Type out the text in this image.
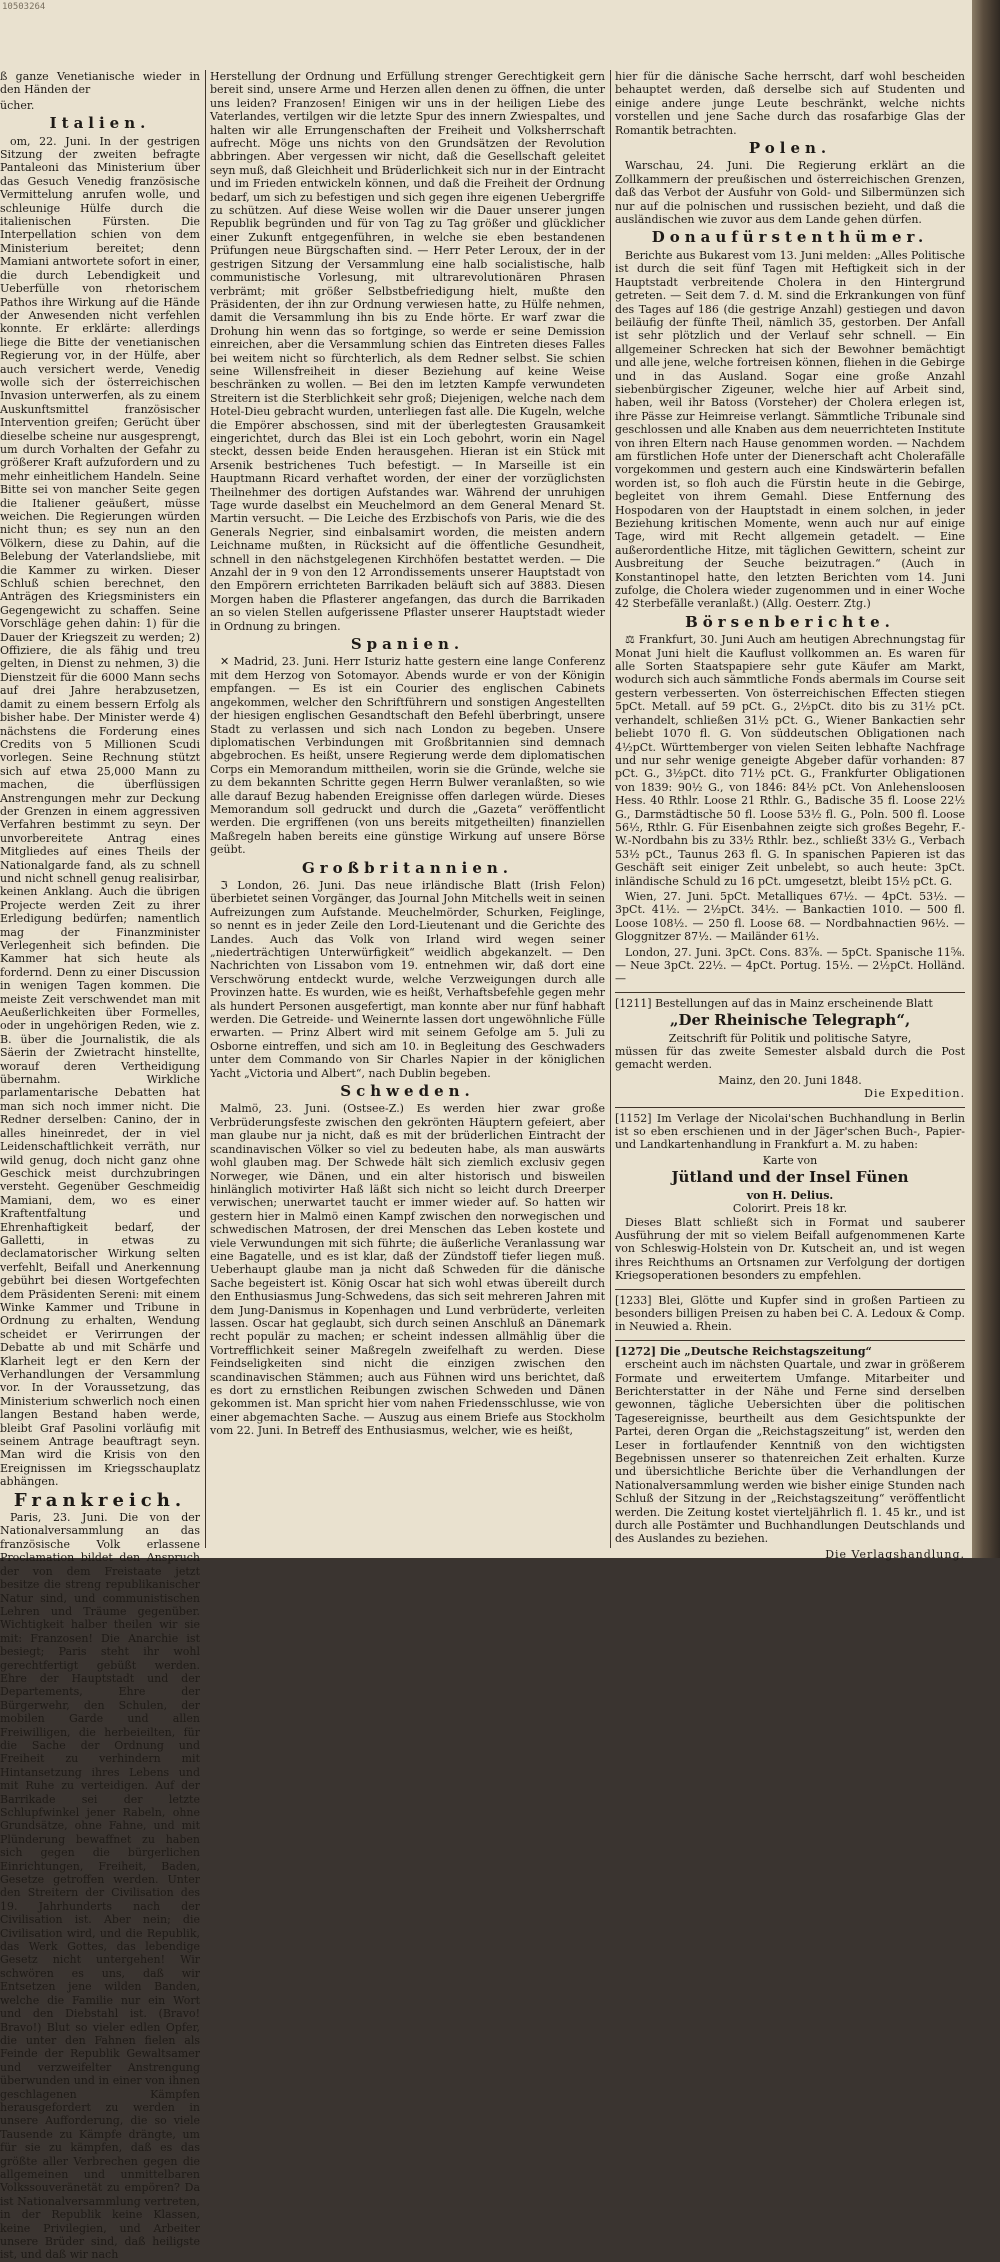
10503264

ß ganze Venetianische wieder in den Händen der

ücher.

Italien.

om, 22. Juni. In der gestrigen Sitzung der zweiten befragte Pantaleoni das Ministerium über das Gesuch Venedig französische Vermittelung anrufen wolle, und schleunige Hülfe durch die italienischen Fürsten. Die Interpellation schien von dem Ministerium bereitet; denn Mamiani antwortete sofort in einer, die durch Lebendigkeit und Ueberfülle von rhetorischem Pathos ihre Wirkung auf die Hände der Anwesenden nicht verfehlen konnte. Er erklärte: allerdings liege die Bitte der venetianischen Regierung vor, in der Hülfe, aber auch versichert werde, Venedig wolle sich der österreichischen Invasion unterwerfen, als zu einem Auskunftsmittel französischer Intervention greifen; Gerücht über dieselbe scheine nur ausgesprengt, um durch Vorhalten der Gefahr zu größerer Kraft aufzufordern und zu mehr einheitlichem Handeln. Seine Bitte sei von mancher Seite gegen die Italiener geäußert, müsse weichen. Die Regierungen würden nicht thun; es sey nun an den Völkern, diese zu Dahin, auf die Belebung der Vaterlandsliebe, mit die Kammer zu wirken. Dieser Schluß schien berechnet, den Anträgen des Kriegsministers ein Gegengewicht zu schaffen. Seine Vorschläge gehen dahin: 1) für die Dauer der Kriegszeit zu werden; 2) Offiziere, die als fähig und treu gelten, in Dienst zu nehmen, 3) die Dienstzeit für die 6000 Mann sechs auf drei Jahre herabzusetzen, damit zu einem bessern Erfolg als bisher habe. Der Minister werde 4) nächstens die Forderung eines Credits von 5 Millionen Scudi vorlegen. Seine Rechnung stützt sich auf etwa 25,000 Mann zu machen, die überflüssigen Anstrengungen mehr zur Deckung der Grenzen in einem aggressiven Verfahren bestimmt zu seyn. Der unvorbereitete Antrag eines Mitgliedes auf eines Theils der Nationalgarde fand, als zu schnell und nicht schnell genug realisirbar, keinen Anklang. Auch die übrigen Projecte werden Zeit zu ihrer Erledigung bedürfen; namentlich mag der Finanzminister Verlegenheit sich befinden. Die Kammer hat sich heute als fordernd. Denn zu einer Discussion in wenigen Tagen kommen. Die meiste Zeit verschwendet man mit Aeußerlichkeiten über Formelles, oder in ungehörigen Reden, wie z. B. über die Journalistik, die als Säerin der Zwietracht hinstellte, worauf deren Vertheidigung übernahm. Wirkliche parlamentarische Debatten hat man sich noch immer nicht. Die Redner derselben: Canino, der in alles hineinredet, der in viel Leidenschaftlichkeit verräth, nur wild genug, doch nicht ganz ohne Geschick meist durchzubringen versteht. Gegenüber Geschmeidig Mamiani, dem, wo es einer Kraftentfaltung und Ehrenhaftigkeit bedarf, der Galletti, in etwas zu declamatorischer Wirkung selten verfehlt, Beifall und Anerkennung gebührt bei diesen Wortgefechten dem Präsidenten Sereni: mit einem Winke Kammer und Tribune in Ordnung zu erhalten, Wendung scheidet er Verirrungen der Debatte ab und mit Schärfe und Klarheit legt er den Kern der Verhandlungen der Versammlung vor. In der Voraussetzung, das Ministerium schwerlich noch einen langen Bestand haben werde, bleibt Graf Pasolini vorläufig mit seinem Antrage beauftragt seyn. Man wird die Krisis von den Ereignissen im Kriegsschauplatz abhängen.

Frankreich.

Paris, 23. Juni. Die von der Nationalversammlung an das französische Volk erlassene Proclamation bildet den Anspruch der von dem Freistaate jetzt besitze die streng republikanischer Natur sind, und communistischen Lehren und Träume gegenüber. Wichtigkeit halber theilen wir sie mit: Franzosen! Die Anarchie ist besiegt; Paris steht ihr wohl gerechtfertigt gebüßt werden. Ehre der Hauptstadt und der Departements, Ehre der Bürgerwehr, den Schulen, der mobilen Garde und allen Freiwilligen, die herbeieilten, für die Sache der Ordnung und Freiheit zu verhindern mit Hintansetzung ihres Lebens und mit Ruhe zu verteidigen. Auf der Barrikade sei der letzte Schlupfwinkel jener Rabeln, ohne Grundsätze, ohne Fahne, und mit Plünderung bewaffnet zu haben sich gegen die bürgerlichen Einrichtungen, Freiheit, Baden, Gesetze getroffen werden. Unter den Streitern der Civilisation des 19. Jahrhunderts nach der Civilisation ist. Aber nein; die Civilisation wird, und die Republik, das Werk Gottes, das lebendige Gesetz nicht untergehen! Wir schwören es uns, daß wir Entsetzen jene wilden Banden, welche die Familie nur ein Wort und den Diebstahl ist. (Bravo! Bravo!) Blut so vieler edlen Opfer, die unter den Fahnen fielen als Feinde der Republik Gewaltsamer und verzweifelter Anstrengung überwunden und in einer von ihnen geschlagenen Kämpfen herausgefordert zu werden in unsere Aufforderung, die so viele Tausende zu Kämpfe drängte, um für sie zu kämpfen, daß es das größte aller Verbrechen gegen die allgemeinen und unmittelbaren Volkssouveränetät zu empören? Da ist Nationalversammlung vertreten, in der Republik keine Klassen, keine Privilegien, und Arbeiter unsere Brüder sind, daß heiligste ist, und daß wir nach

Herstellung der Ordnung und Erfüllung strenger Gerechtigkeit gern bereit sind, unsere Arme und Herzen allen denen zu öffnen, die unter uns leiden? Franzosen! Einigen wir uns in der heiligen Liebe des Vaterlandes, vertilgen wir die letzte Spur des innern Zwiespaltes, und halten wir alle Errungenschaften der Freiheit und Volksherrschaft aufrecht. Möge uns nichts von den Grundsätzen der Revolution abbringen. Aber vergessen wir nicht, daß die Gesellschaft geleitet seyn muß, daß Gleichheit und Brüderlichkeit sich nur in der Eintracht und im Frieden entwickeln können, und daß die Freiheit der Ordnung bedarf, um sich zu befestigen und sich gegen ihre eigenen Uebergriffe zu schützen. Auf diese Weise wollen wir die Dauer unserer jungen Republik begründen und für von Tag zu Tag größer und glücklicher einer Zukunft entgegenführen, in welche sie eben bestandenen Prüfungen neue Bürgschaften sind. — Herr Peter Leroux, der in der gestrigen Sitzung der Versammlung eine halb socialistische, halb communistische Vorlesung, mit ultrarevolutionären Phrasen verbrämt; mit größer Selbstbefriedigung hielt, mußte den Präsidenten, der ihn zur Ordnung verwiesen hatte, zu Hülfe nehmen, damit die Versammlung ihn bis zu Ende hörte. Er warf zwar die Drohung hin wenn das so fortginge, so werde er seine Demission einreichen, aber die Versammlung schien das Eintreten dieses Falles bei weitem nicht so fürchterlich, als dem Redner selbst. Sie schien seine Willensfreiheit in dieser Beziehung auf keine Weise beschränken zu wollen. — Bei den im letzten Kampfe verwundeten Streitern ist die Sterblichkeit sehr groß; Diejenigen, welche nach dem Hotel-Dieu gebracht wurden, unterliegen fast alle. Die Kugeln, welche die Empörer abschossen, sind mit der überlegtesten Grausamkeit eingerichtet, durch das Blei ist ein Loch gebohrt, worin ein Nagel steckt, dessen beide Enden herausgehen. Hieran ist ein Stück mit Arsenik bestrichenes Tuch befestigt. — In Marseille ist ein Hauptmann Ricard verhaftet worden, der einer der vorzüglichsten Theilnehmer des dortigen Aufstandes war. Während der unruhigen Tage wurde daselbst ein Meuchelmord an dem General Menard St. Martin versucht. — Die Leiche des Erzbischofs von Paris, wie die des Generals Negrier, sind einbalsamirt worden, die meisten andern Leichname mußten, in Rücksicht auf die öffentliche Gesundheit, schnell in den nächstgelegenen Kirchhöfen bestattet werden. — Die Anzahl der in 9 von den 12 Arrondissements unserer Hauptstadt von den Empörern errichteten Barrikaden beläuft sich auf 3883. Diesen Morgen haben die Pflasterer angefangen, das durch die Barrikaden an so vielen Stellen aufgerissene Pflaster unserer Hauptstadt wieder in Ordnung zu bringen.

Spanien.

✕ Madrid, 23. Juni. Herr Isturiz hatte gestern eine lange Conferenz mit dem Herzog von Sotomayor. Abends wurde er von der Königin empfangen. — Es ist ein Courier des englischen Cabinets angekommen, welcher den Schriftführern und sonstigen Angestellten der hiesigen englischen Gesandtschaft den Befehl überbringt, unsere Stadt zu verlassen und sich nach London zu begeben. Unsere diplomatischen Verbindungen mit Großbritannien sind demnach abgebrochen. Es heißt, unsere Regierung werde dem diplomatischen Corps ein Memorandum mittheilen, worin sie die Gründe, welche sie zu dem bekannten Schritte gegen Herrn Bulwer veranlaßten, so wie alle darauf Bezug habenden Ereignisse offen darlegen würde. Dieses Memorandum soll gedruckt und durch die „Gazeta“ veröffentlicht werden. Die ergriffenen (von uns bereits mitgetheilten) finanziellen Maßregeln haben bereits eine günstige Wirkung auf unsere Börse geübt.

Großbritannien.

ℑ London, 26. Juni. Das neue irländische Blatt (Irish Felon) überbietet seinen Vorgänger, das Journal John Mitchells weit in seinen Aufreizungen zum Aufstande. Meuchelmörder, Schurken, Feiglinge, so nennt es in jeder Zeile den Lord-Lieutenant und die Gerichte des Landes. Auch das Volk von Irland wird wegen seiner „niederträchtigen Unterwürfigkeit“ weidlich abgekanzelt. — Den Nachrichten von Lissabon vom 19. entnehmen wir, daß dort eine Verschwörung entdeckt wurde, welche Verzweigungen durch alle Provinzen hatte. Es wurden, wie es heißt, Verhaftsbefehle gegen mehr als hundert Personen ausgefertigt, man konnte aber nur fünf habhaft werden. Die Getreide- und Weinernte lassen dort ungewöhnliche Fülle erwarten. — Prinz Albert wird mit seinem Gefolge am 5. Juli zu Osborne eintreffen, und sich am 10. in Begleitung des Geschwaders unter dem Commando von Sir Charles Napier in der königlichen Yacht „Victoria und Albert“, nach Dublin begeben.

Schweden.

Malmö, 23. Juni. (Ostsee-Z.) Es werden hier zwar große Verbrüderungsfeste zwischen den gekrönten Häuptern gefeiert, aber man glaube nur ja nicht, daß es mit der brüderlichen Eintracht der scandinavischen Völker so viel zu bedeuten habe, als man auswärts wohl glauben mag. Der Schwede hält sich ziemlich exclusiv gegen Norweger, wie Dänen, und ein alter historisch und bisweilen hinlänglich motivirter Haß läßt sich nicht so leicht durch Dreerper verwischen; unerwartet taucht er immer wieder auf. So hatten wir gestern hier in Malmö einen Kampf zwischen den norwegischen und schwedischen Matrosen, der drei Menschen das Leben kostete und viele Verwundungen mit sich führte; die äußerliche Veranlassung war eine Bagatelle, und es ist klar, daß der Zündstoff tiefer liegen muß. Ueberhaupt glaube man ja nicht daß Schweden für die dänische Sache begeistert ist. König Oscar hat sich wohl etwas übereilt durch den Enthusiasmus Jung-Schwedens, das sich seit mehreren Jahren mit dem Jung-Danismus in Kopenhagen und Lund verbrüderte, verleiten lassen. Oscar hat geglaubt, sich durch seinen Anschluß an Dänemark recht populär zu machen; er scheint indessen allmählig über die Vortrefflichkeit seiner Maßregeln zweifelhaft zu werden. Diese Feindseligkeiten sind nicht die einzigen zwischen den scandinavischen Stämmen; auch aus Fühnen wird uns berichtet, daß es dort zu ernstlichen Reibungen zwischen Schweden und Dänen gekommen ist. Man spricht hier vom nahen Friedensschlusse, wie von einer abgemachten Sache. — Auszug aus einem Briefe aus Stockholm vom 22. Juni. In Betreff des Enthusiasmus, welcher, wie es heißt,

hier für die dänische Sache herrscht, darf wohl bescheiden behauptet werden, daß derselbe sich auf Studenten und einige andere junge Leute beschränkt, welche nichts vorstellen und jene Sache durch das rosafarbige Glas der Romantik betrachten.

Polen.

Warschau, 24. Juni. Die Regierung erklärt an die Zollkammern der preußischen und österreichischen Grenzen, daß das Verbot der Ausfuhr von Gold- und Silbermünzen sich nur auf die polnischen und russischen bezieht, und daß die ausländischen wie zuvor aus dem Lande gehen dürfen.

Donaufürstenthümer.

Berichte aus Bukarest vom 13. Juni melden: „Alles Politische ist durch die seit fünf Tagen mit Heftigkeit sich in der Hauptstadt verbreitende Cholera in den Hintergrund getreten. — Seit dem 7. d. M. sind die Erkrankungen von fünf des Tages auf 186 (die gestrige Anzahl) gestiegen und davon beiläufig der fünfte Theil, nämlich 35, gestorben. Der Anfall ist sehr plötzlich und der Verlauf sehr schnell. — Ein allgemeiner Schrecken hat sich der Bewohner bemächtigt und alle jene, welche fortreisen können, fliehen in die Gebirge und in das Ausland. Sogar eine große Anzahl siebenbürgischer Zigeuner, welche hier auf Arbeit sind, haben, weil ihr Batoss (Vorsteher) der Cholera erlegen ist, ihre Pässe zur Heimreise verlangt. Sämmtliche Tribunale sind geschlossen und alle Knaben aus dem neuerrichteten Institute von ihren Eltern nach Hause genommen worden. — Nachdem am fürstlichen Hofe unter der Dienerschaft acht Cholerafälle vorgekommen und gestern auch eine Kindswärterin befallen worden ist, so floh auch die Fürstin heute in die Gebirge, begleitet von ihrem Gemahl. Diese Entfernung des Hospodaren von der Hauptstadt in einem solchen, in jeder Beziehung kritischen Momente, wenn auch nur auf einige Tage, wird mit Recht allgemein getadelt. — Eine außerordentliche Hitze, mit täglichen Gewittern, scheint zur Ausbreitung der Seuche beizutragen.“ (Auch in Konstantinopel hatte, den letzten Berichten vom 14. Juni zufolge, die Cholera wieder zugenommen und in einer Woche 42 Sterbefälle veranlaßt.) (Allg. Oesterr. Ztg.)

Börsenberichte.

⚖ Frankfurt, 30. Juni Auch am heutigen Abrechnungstag für Monat Juni hielt die Kauflust vollkommen an. Es waren für alle Sorten Staatspapiere sehr gute Käufer am Markt, wodurch sich auch sämmtliche Fonds abermals im Course seit gestern verbesserten. Von österreichischen Effecten stiegen 5pCt. Metall. auf 59 pCt. G., 2½pCt. dito bis zu 31½ pCt. verhandelt, schließen 31½ pCt. G., Wiener Bankactien sehr beliebt 1070 fl. G. Von süddeutschen Obligationen nach 4½pCt. Württemberger von vielen Seiten lebhafte Nachfrage und nur sehr wenige geneigte Abgeber dafür vorhanden: 87 pCt. G., 3½pCt. dito 71½ pCt. G., Frankfurter Obligationen von 1839: 90½ G., von 1846: 84½ pCt. Von Anlehensloosen Hess. 40 Rthlr. Loose 21 Rthlr. G., Badische 35 fl. Loose 22½ G., Darmstädtische 50 fl. Loose 53½ fl. G., Poln. 500 fl. Loose 56½, Rthlr. G. Für Eisenbahnen zeigte sich großes Begehr, F.-W.-Nordbahn bis zu 33½ Rthlr. bez., schließt 33½ G., Verbach 53½ pCt., Taunus 263 fl. G. In spanischen Papieren ist das Geschäft seit einiger Zeit unbelebt, so auch heute: 3pCt. inländische Schuld zu 16 pCt. umgesetzt, bleibt 15½ pCt. G.

Wien, 27. Juni. 5pCt. Metalliques 67½. — 4pCt. 53½. — 3pCt. 41½. — 2½pCt. 34½. — Bankactien 1010. — 500 fl. Loose 108½. — 250 fl. Loose 68. — Nordbahnactien 96½. — Gloggnitzer 87½. — Mailänder 61½.

London, 27. Juni. 3pCt. Cons. 83⅞. — 5pCt. Spanische 11⅝. — Neue 3pCt. 22½. — 4pCt. Portug. 15½. — 2½pCt. Holländ. —

[1211] Bestellungen auf das in Mainz erscheinende Blatt

„Der Rheinische Telegraph“,
Zeitschrift für Politik und politische Satyre,

müssen für das zweite Semester alsbald durch die Post gemacht werden.

Mainz, den 20. Juni 1848.
Die Expedition.

[1152] Im Verlage der Nicolai'schen Buchhandlung in Berlin ist so eben erschienen und in der Jäger'schen Buch-, Papier- und Landkartenhandlung in Frankfurt a. M. zu haben:

Karte von
Jütland und der Insel Fünen
von H. Delius.
Colorirt. Preis 18 kr.

Dieses Blatt schließt sich in Format und sauberer Ausführung der mit so vielem Beifall aufgenommenen Karte von Schleswig-Holstein von Dr. Kutscheit an, und ist wegen ihres Reichthums an Ortsnamen zur Verfolgung der dortigen Kriegsoperationen besonders zu empfehlen.

[1233] Blei, Glötte und Kupfer sind in großen Partieen zu besonders billigen Preisen zu haben bei C. A. Ledoux & Comp. in Neuwied a. Rhein.

[1272] Die „Deutsche Reichstagszeitung“

erscheint auch im nächsten Quartale, und zwar in größerem Formate und erweitertem Umfange. Mitarbeiter und Berichterstatter in der Nähe und Ferne sind derselben gewonnen, tägliche Uebersichten über die politischen Tagesereignisse, beurtheilt aus dem Gesichtspunkte der Partei, deren Organ die „Reichstagszeitung“ ist, werden den Leser in fortlaufender Kenntniß von den wichtigsten Begebnissen unserer so thatenreichen Zeit erhalten. Kurze und übersichtliche Berichte über die Verhandlungen der Nationalversammlung werden wie bisher einige Stunden nach Schluß der Sitzung in der „Reichstagszeitung“ veröffentlicht werden. Die Zeitung kostet vierteljährlich fl. 1. 45 kr., und ist durch alle Postämter und Buchhandlungen Deutschlands und des Auslandes zu beziehen.

Die Verlagshandlung.
